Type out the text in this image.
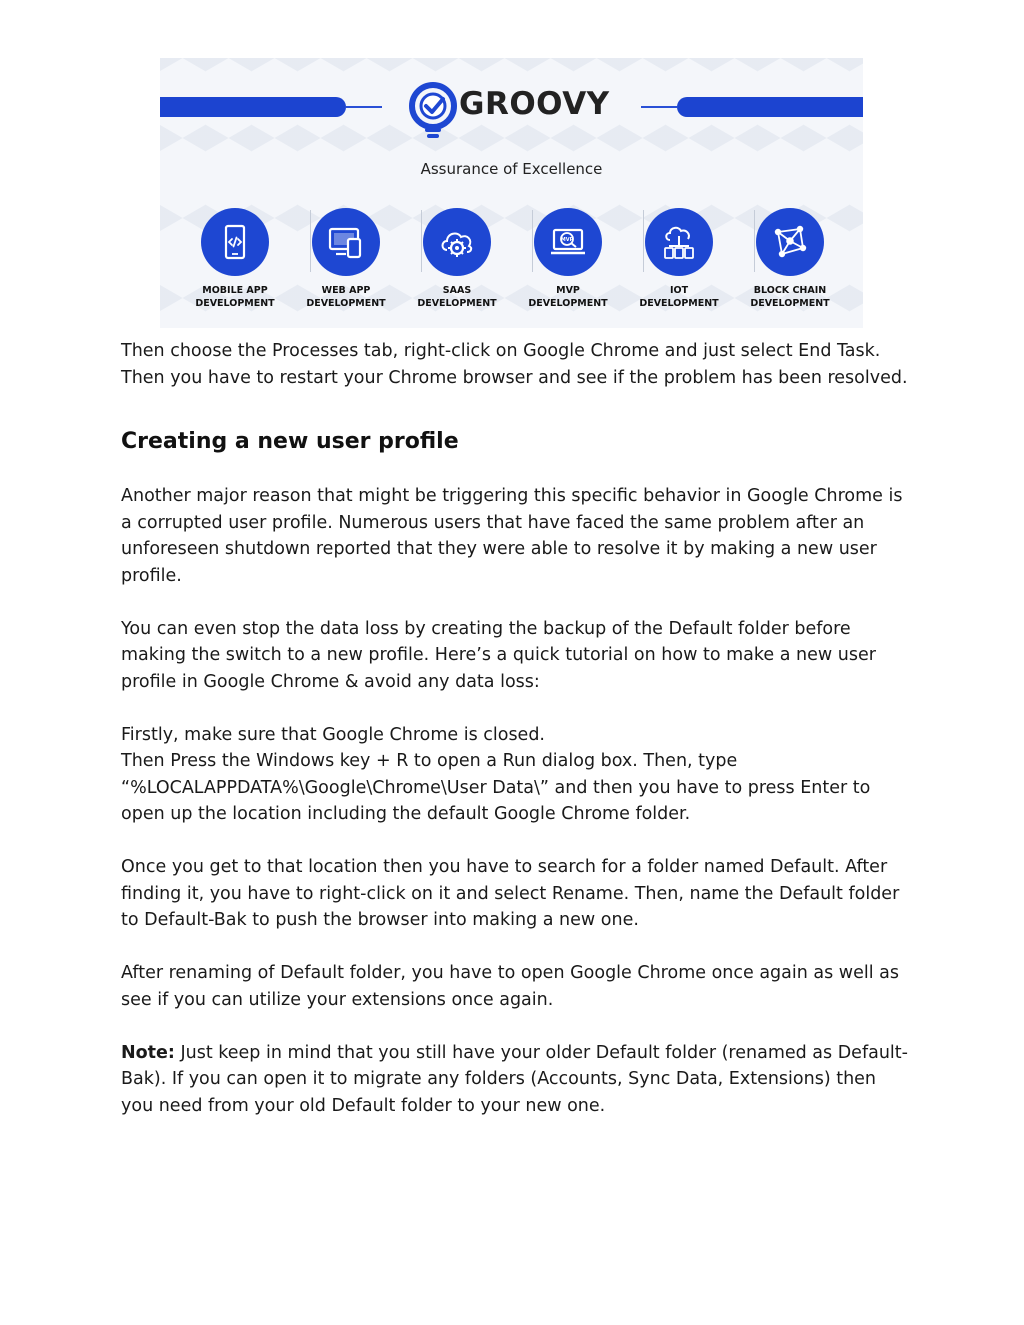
GROOVY
Assurance of Excellence
MOBILE APP
DEVELOPMENT
WEB APP
DEVELOPMENT
SAAS
DEVELOPMENT
MVP
MVP
DEVELOPMENT
IOT
DEVELOPMENT
BLOCK CHAIN
DEVELOPMENT

Then choose the Processes tab, right-click on Google Chrome and just select End Task. Then you have to restart your Chrome browser and see if the problem has been resolved.

Creating a new user profile

Another major reason that might be triggering this specific behavior in Google Chrome is a corrupted user profile. Numerous users that have faced the same problem after an unforeseen shutdown reported that they were able to resolve it by making a new user profile.

You can even stop the data loss by creating the backup of the Default folder before making the switch to a new profile. Here’s a quick tutorial on how to make a new user profile in Google Chrome & avoid any data loss:

Firstly, make sure that Google Chrome is closed.

Then Press the Windows key + R to open a Run dialog box. Then, type “%LOCALAPPDATA%\Google\Chrome\User Data\” and then you have to press Enter to open up the location including the default Google Chrome folder.

Once you get to that location then you have to search for a folder named Default. After finding it, you have to right-click on it and select Rename. Then, name the Default folder to Default-Bak to push the browser into making a new one.

After renaming of Default folder, you have to open Google Chrome once again as well as see if you can utilize your extensions once again.

Note: Just keep in mind that you still have your older Default folder (renamed as Default-Bak). If you can open it to migrate any folders (Accounts, Sync Data, Extensions) then you need from your old Default folder to your new one.
